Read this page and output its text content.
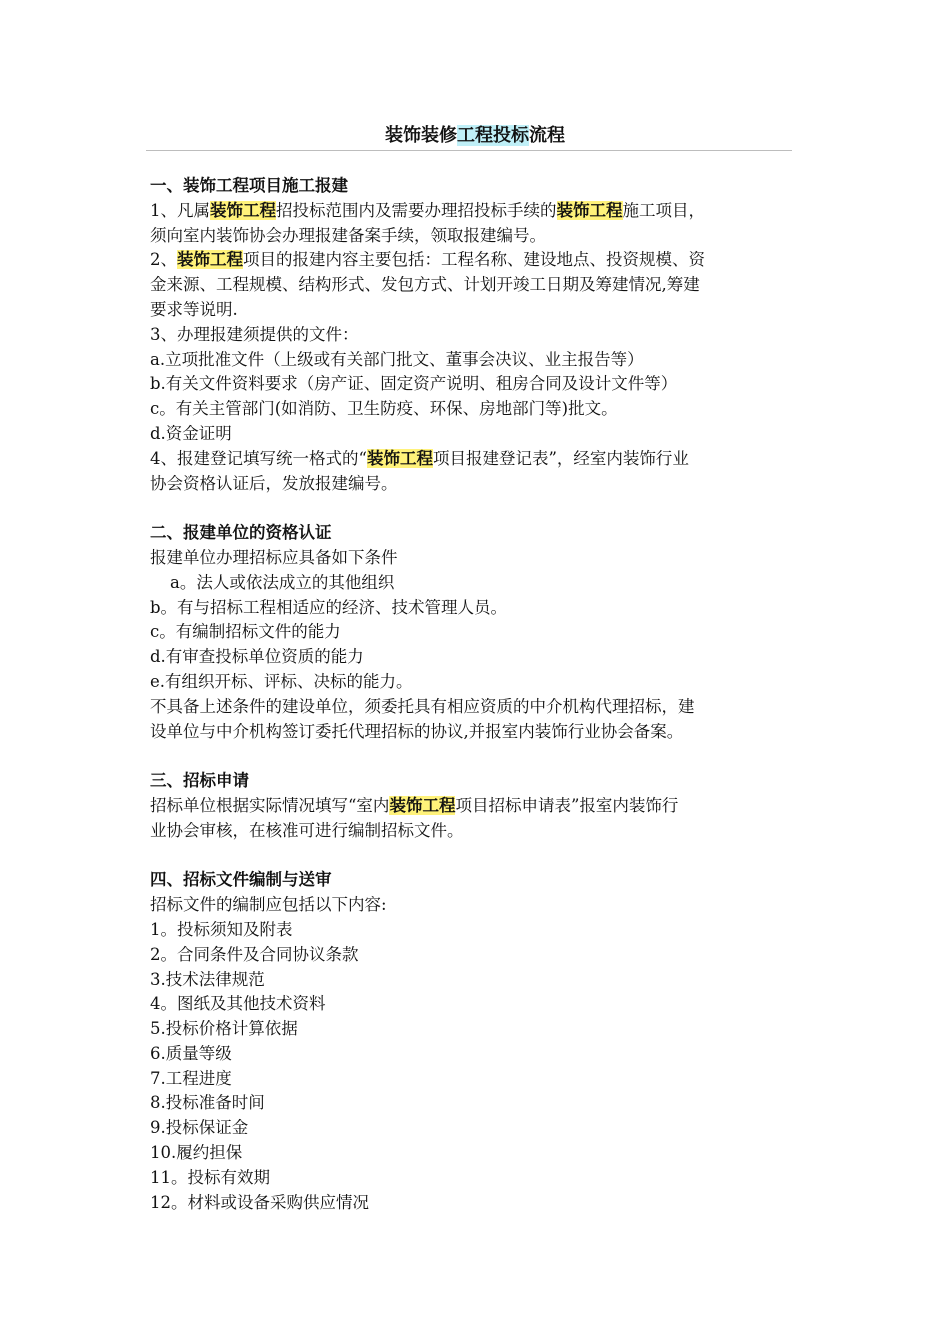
装饰装修工程投标流程
一、装饰工程项目施工报建
1、凡属装饰工程招投标范围内及需要办理招投标手续的装饰工程施工项目，
须向室内装饰协会办理报建备案手续，领取报建编号。
2、装饰工程项目的报建内容主要包括：工程名称、建设地点、投资规模、资
金来源、工程规模、结构形式、发包方式、计划开竣工日期及筹建情况,筹建
要求等说明.
3、办理报建须提供的文件：
a.立项批准文件（上级或有关部门批文、董事会决议、业主报告等）
b.有关文件资料要求（房产证、固定资产说明、租房合同及设计文件等）
c。有关主管部门(如消防、卫生防疫、环保、房地部门等)批文。
d.资金证明
4、报建登记填写统一格式的“装饰工程项目报建登记表”，经室内装饰行业
协会资格认证后，发放报建编号。
二、报建单位的资格认证
报建单位办理招标应具备如下条件
a。法人或依法成立的其他组织
b。有与招标工程相适应的经济、技术管理人员。
c。有编制招标文件的能力
d.有审查投标单位资质的能力
e.有组织开标、评标、决标的能力。
不具备上述条件的建设单位，须委托具有相应资质的中介机构代理招标，建
设单位与中介机构签订委托代理招标的协议,并报室内装饰行业协会备案。
三、招标申请
招标单位根据实际情况填写“室内装饰工程项目招标申请表”报室内装饰行
业协会审核，在核准可进行编制招标文件。
四、招标文件编制与送审
招标文件的编制应包括以下内容:
1。投标须知及附表
2。合同条件及合同协议条款
3.技术法律规范
4。图纸及其他技术资料
5.投标价格计算依据
6.质量等级
7.工程进度
8.投标准备时间
9.投标保证金
10.履约担保
11。投标有效期
12。材料或设备采购供应情况
